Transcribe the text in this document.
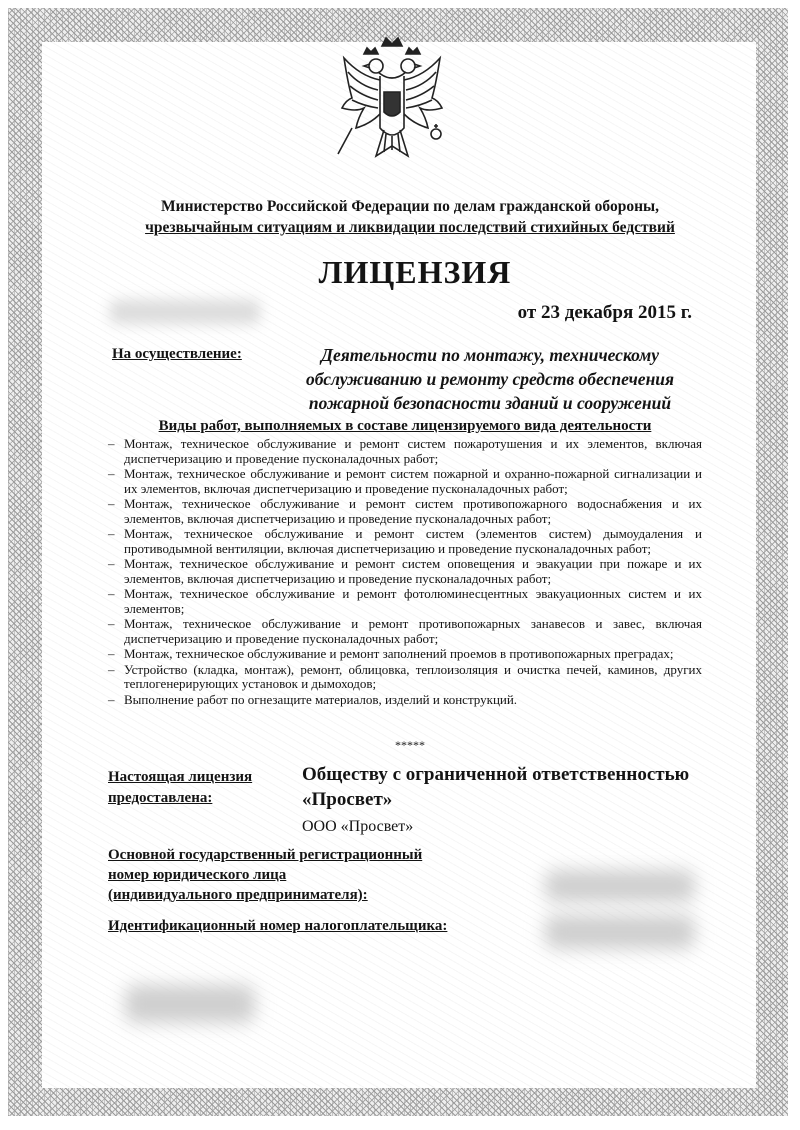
Министерство Российской Федерации по делам гражданской обороны,
чрезвычайным ситуациям и ликвидации последствий стихийных бедствий
ЛИЦЕНЗИЯ
от 23 декабря 2015 г.
На осуществление:	Деятельности по монтажу, техническому обслуживанию и ремонту средств обеспечения пожарной безопасности зданий и сооружений
Виды работ, выполняемых в составе лицензируемого вида деятельности
– Монтаж, техническое обслуживание и ремонт систем пожаротушения и их элементов, включая диспетчеризацию и проведение пусконаладочных работ;
– Монтаж, техническое обслуживание и ремонт систем пожарной и охранно-пожарной сигнализации и их элементов, включая диспетчеризацию и проведение пусконаладочных работ;
– Монтаж, техническое обслуживание и ремонт систем противопожарного водоснабжения и их элементов, включая диспетчеризацию и проведение пусконаладочных работ;
– Монтаж, техническое обслуживание и ремонт систем (элементов систем) дымоудаления и противодымной вентиляции, включая диспетчеризацию и проведение пусконаладочных работ;
– Монтаж, техническое обслуживание и ремонт систем оповещения и эвакуации при пожаре и их элементов, включая диспетчеризацию и проведение пусконаладочных работ;
– Монтаж, техническое обслуживание и ремонт фотолюминесцентных эвакуационных систем и их элементов;
– Монтаж, техническое обслуживание и ремонт противопожарных занавесов и завес, включая диспетчеризацию и проведение пусконаладочных работ;
– Монтаж, техническое обслуживание и ремонт заполнений проемов в противопожарных преградах;
– Устройство (кладка, монтаж), ремонт, облицовка, теплоизоляция и очистка печей, каминов, других теплогенерирующих установок и дымоходов;
– Выполнение работ по огнезащите материалов, изделий и конструкций.
*****
Настоящая лицензия предоставлена:
Обществу с ограниченной ответственностью «Просвет»
ООО «Просвет»
Основной государственный регистрационный
номер юридического лица
(индивидуального предпринимателя):
Идентификационный номер налогоплательщика:
